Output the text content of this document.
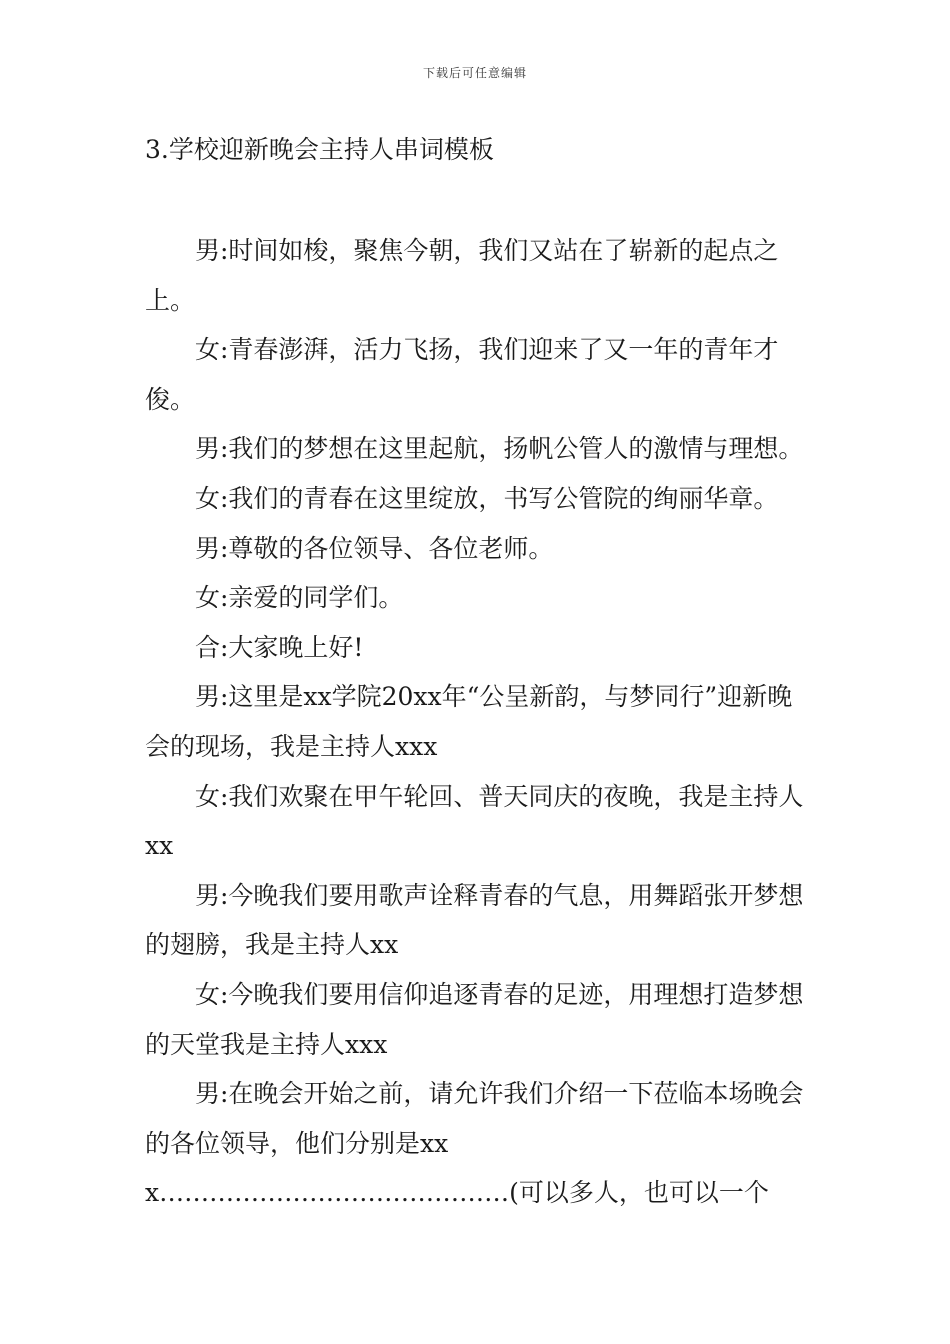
下载后可任意编辑
3.学校迎新晚会主持人串词模板

男:时间如梭，聚焦今朝，我们又站在了崭新的起点之上。

女:青春澎湃，活力飞扬，我们迎来了又一年的青年才俊。

男:我们的梦想在这里起航，扬帆公管人的激情与理想。

女:我们的青春在这里绽放，书写公管院的绚丽华章。

男:尊敬的各位领导、各位老师。

女:亲爱的同学们。

合:大家晚上好!

男:这里是xx学院20xx年“公呈新韵，与梦同行”迎新晚会的现场，我是主持人xxx

女:我们欢聚在甲午轮回、普天同庆的夜晚，我是主持人xx

男:今晚我们要用歌声诠释青春的气息，用舞蹈张开梦想的翅膀，我是主持人xx

女:今晚我们要用信仰追逐青春的足迹，用理想打造梦想的天堂我是主持人xxx

男:在晚会开始之前，请允许我们介绍一下莅临本场晚会的各位领导，他们分别是xxx……………………………………(可以多人，也可以一个
